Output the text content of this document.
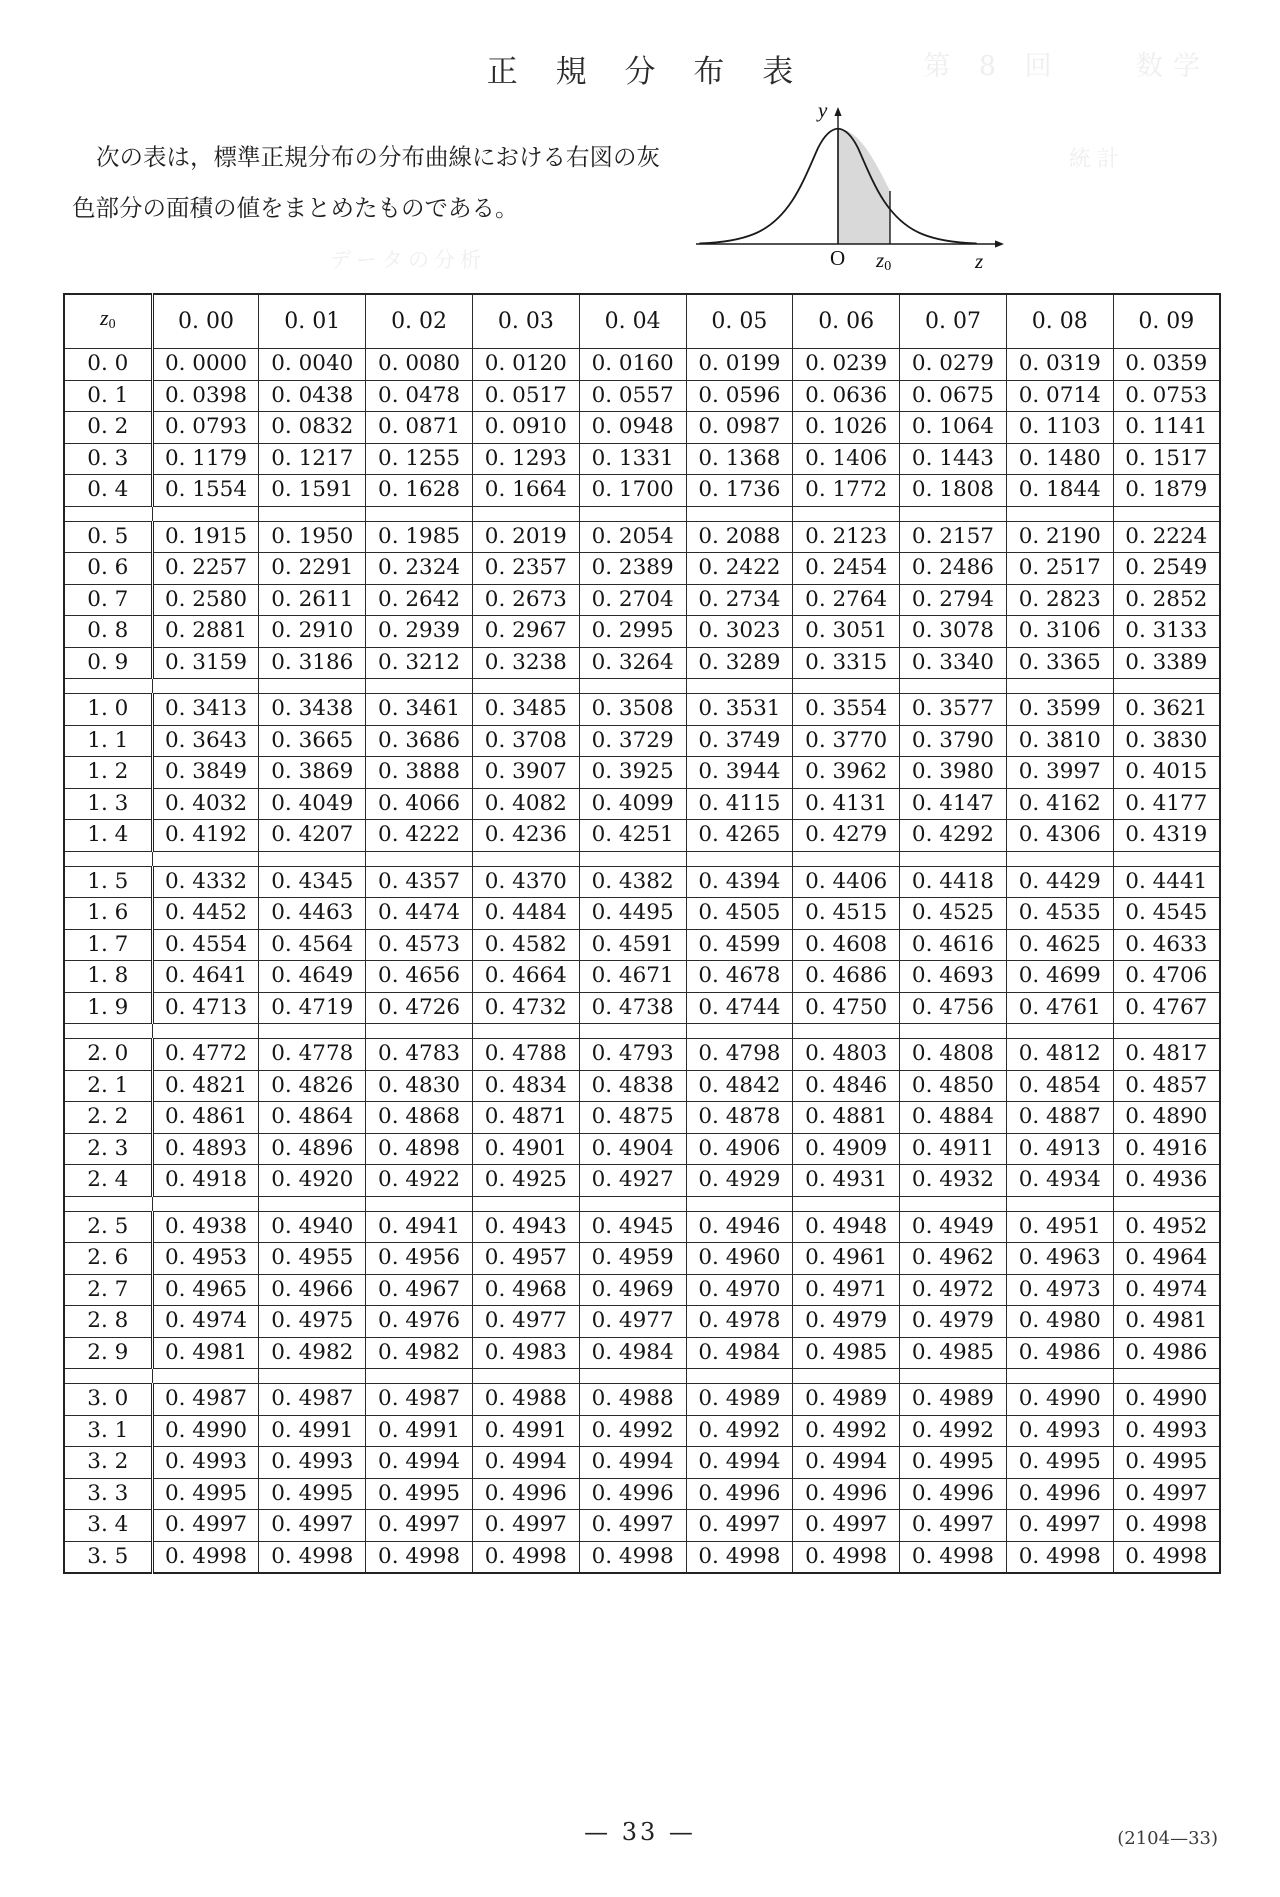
第 8 回    数学
統計
データの分析
正 規 分 布 表
次の表は，標準正規分布の分布曲線における右図の灰
色部分の面積の値をまとめたものである。
y
O $z_0$	z
$z_0$	0. 00	0. 01	0. 02	0. 03	0. 04	0. 05	0. 06	0. 07	0. 08	0. 09
0. 0	0. 0000	0. 0040	0. 0080	0. 0120	0. 0160	0. 0199	0. 0239	0. 0279	0. 0319	0. 0359
0. 1	0. 0398	0. 0438	0. 0478	0. 0517	0. 0557	0. 0596	0. 0636	0. 0675	0. 0714	0. 0753
0. 2	0. 0793	0. 0832	0. 0871	0. 0910	0. 0948	0. 0987	0. 1026	0. 1064	0. 1103	0. 1141
0. 3	0. 1179	0. 1217	0. 1255	0. 1293	0. 1331	0. 1368	0. 1406	0. 1443	0. 1480	0. 1517
0. 4	0. 1554	0. 1591	0. 1628	0. 1664	0. 1700	0. 1736	0. 1772	0. 1808	0. 1844	0. 1879

0. 5	0. 1915	0. 1950	0. 1985	0. 2019	0. 2054	0. 2088	0. 2123	0. 2157	0. 2190	0. 2224
0. 6	0. 2257	0. 2291	0. 2324	0. 2357	0. 2389	0. 2422	0. 2454	0. 2486	0. 2517	0. 2549
0. 7	0. 2580	0. 2611	0. 2642	0. 2673	0. 2704	0. 2734	0. 2764	0. 2794	0. 2823	0. 2852
0. 8	0. 2881	0. 2910	0. 2939	0. 2967	0. 2995	0. 3023	0. 3051	0. 3078	0. 3106	0. 3133
0. 9	0. 3159	0. 3186	0. 3212	0. 3238	0. 3264	0. 3289	0. 3315	0. 3340	0. 3365	0. 3389

1. 0	0. 3413	0. 3438	0. 3461	0. 3485	0. 3508	0. 3531	0. 3554	0. 3577	0. 3599	0. 3621
1. 1	0. 3643	0. 3665	0. 3686	0. 3708	0. 3729	0. 3749	0. 3770	0. 3790	0. 3810	0. 3830
1. 2	0. 3849	0. 3869	0. 3888	0. 3907	0. 3925	0. 3944	0. 3962	0. 3980	0. 3997	0. 4015
1. 3	0. 4032	0. 4049	0. 4066	0. 4082	0. 4099	0. 4115	0. 4131	0. 4147	0. 4162	0. 4177
1. 4	0. 4192	0. 4207	0. 4222	0. 4236	0. 4251	0. 4265	0. 4279	0. 4292	0. 4306	0. 4319

1. 5	0. 4332	0. 4345	0. 4357	0. 4370	0. 4382	0. 4394	0. 4406	0. 4418	0. 4429	0. 4441
1. 6	0. 4452	0. 4463	0. 4474	0. 4484	0. 4495	0. 4505	0. 4515	0. 4525	0. 4535	0. 4545
1. 7	0. 4554	0. 4564	0. 4573	0. 4582	0. 4591	0. 4599	0. 4608	0. 4616	0. 4625	0. 4633
1. 8	0. 4641	0. 4649	0. 4656	0. 4664	0. 4671	0. 4678	0. 4686	0. 4693	0. 4699	0. 4706
1. 9	0. 4713	0. 4719	0. 4726	0. 4732	0. 4738	0. 4744	0. 4750	0. 4756	0. 4761	0. 4767

2. 0	0. 4772	0. 4778	0. 4783	0. 4788	0. 4793	0. 4798	0. 4803	0. 4808	0. 4812	0. 4817
2. 1	0. 4821	0. 4826	0. 4830	0. 4834	0. 4838	0. 4842	0. 4846	0. 4850	0. 4854	0. 4857
2. 2	0. 4861	0. 4864	0. 4868	0. 4871	0. 4875	0. 4878	0. 4881	0. 4884	0. 4887	0. 4890
2. 3	0. 4893	0. 4896	0. 4898	0. 4901	0. 4904	0. 4906	0. 4909	0. 4911	0. 4913	0. 4916
2. 4	0. 4918	0. 4920	0. 4922	0. 4925	0. 4927	0. 4929	0. 4931	0. 4932	0. 4934	0. 4936

2. 5	0. 4938	0. 4940	0. 4941	0. 4943	0. 4945	0. 4946	0. 4948	0. 4949	0. 4951	0. 4952
2. 6	0. 4953	0. 4955	0. 4956	0. 4957	0. 4959	0. 4960	0. 4961	0. 4962	0. 4963	0. 4964
2. 7	0. 4965	0. 4966	0. 4967	0. 4968	0. 4969	0. 4970	0. 4971	0. 4972	0. 4973	0. 4974
2. 8	0. 4974	0. 4975	0. 4976	0. 4977	0. 4977	0. 4978	0. 4979	0. 4979	0. 4980	0. 4981
2. 9	0. 4981	0. 4982	0. 4982	0. 4983	0. 4984	0. 4984	0. 4985	0. 4985	0. 4986	0. 4986

3. 0	0. 4987	0. 4987	0. 4987	0. 4988	0. 4988	0. 4989	0. 4989	0. 4989	0. 4990	0. 4990
3. 1	0. 4990	0. 4991	0. 4991	0. 4991	0. 4992	0. 4992	0. 4992	0. 4992	0. 4993	0. 4993
3. 2	0. 4993	0. 4993	0. 4994	0. 4994	0. 4994	0. 4994	0. 4994	0. 4995	0. 4995	0. 4995
3. 3	0. 4995	0. 4995	0. 4995	0. 4996	0. 4996	0. 4996	0. 4996	0. 4996	0. 4996	0. 4997
3. 4	0. 4997	0. 4997	0. 4997	0. 4997	0. 4997	0. 4997	0. 4997	0. 4997	0. 4997	0. 4998
3. 5	0. 4998	0. 4998	0. 4998	0. 4998	0. 4998	0. 4998	0. 4998	0. 4998	0. 4998	0. 4998
— 33 —	(2104—33)
